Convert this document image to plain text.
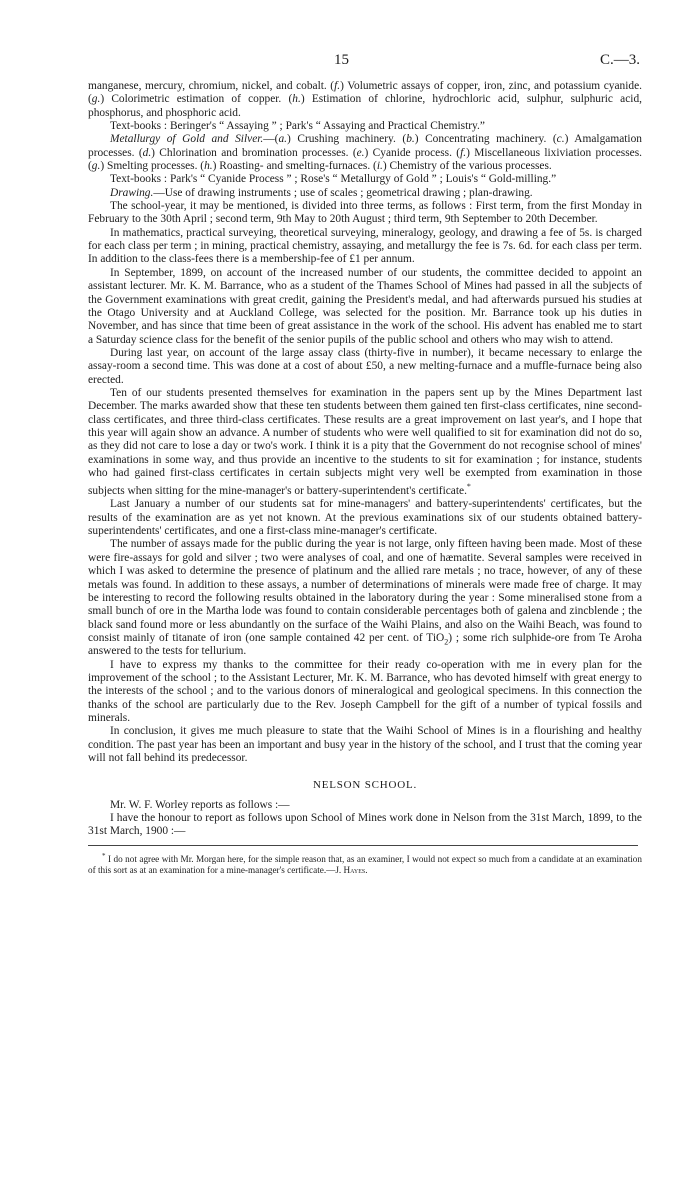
15	C.—3.

manganese, mercury, chromium, nickel, and cobalt. (f.) Volumetric assays of copper, iron, zinc, and potassium cyanide. (g.) Colorimetric estimation of copper. (h.) Estimation of chlorine, hydrochloric acid, sulphur, sulphuric acid, phosphorus, and phosphoric acid.

Text-books : Beringer's “ Assaying ” ; Park's “ Assaying and Practical Chemistry.”

Metallurgy of Gold and Silver.—(a.) Crushing machinery. (b.) Concentrating machinery. (c.) Amalgamation processes. (d.) Chlorination and bromination processes. (e.) Cyanide process. (f.) Miscellaneous lixiviation processes. (g.) Smelting processes. (h.) Roasting- and smelting-furnaces. (i.) Chemistry of the various processes.

Text-books : Park's “ Cyanide Process ” ; Rose's “ Metallurgy of Gold ” ; Louis's “ Gold-milling.”

Drawing.—Use of drawing instruments ; use of scales ; geometrical drawing ; plan-drawing.

The school-year, it may be mentioned, is divided into three terms, as follows : First term, from the first Monday in February to the 30th April ; second term, 9th May to 20th August ; third term, 9th September to 20th December.

In mathematics, practical surveying, theoretical surveying, mineralogy, geology, and drawing a fee of 5s. is charged for each class per term ; in mining, practical chemistry, assaying, and metallurgy the fee is 7s. 6d. for each class per term. In addition to the class-fees there is a membership-fee of £1 per annum.

In September, 1899, on account of the increased number of our students, the committee decided to appoint an assistant lecturer. Mr. K. M. Barrance, who as a student of the Thames School of Mines had passed in all the subjects of the Government examinations with great credit, gaining the President's medal, and had afterwards pursued his studies at the Otago University and at Auckland College, was selected for the position. Mr. Barrance took up his duties in November, and has since that time been of great assistance in the work of the school. His advent has enabled me to start a Saturday science class for the benefit of the senior pupils of the public school and others who may wish to attend.

During last year, on account of the large assay class (thirty-five in number), it became necessary to enlarge the assay-room a second time. This was done at a cost of about £50, a new melting-furnace and a muffle-furnace being also erected.

Ten of our students presented themselves for examination in the papers sent up by the Mines Department last December. The marks awarded show that these ten students between them gained ten first-class certificates, nine second-class certificates, and three third-class certificates. These results are a great improvement on last year's, and I hope that this year will again show an advance. A number of students who were well qualified to sit for examination did not do so, as they did not care to lose a day or two's work. I think it is a pity that the Government do not recognise school of mines' examinations in some way, and thus provide an incentive to the students to sit for examination ; for instance, students who had gained first-class certificates in certain subjects might very well be exempted from examination in those subjects when sitting for the mine-manager's or battery-superintendent's certificate.*

Last January a number of our students sat for mine-managers' and battery-superintendents' certificates, but the results of the examination are as yet not known. At the previous examinations six of our students obtained battery-superintendents' certificates, and one a first-class mine-manager's certificate.

The number of assays made for the public during the year is not large, only fifteen having been made. Most of these were fire-assays for gold and silver ; two were analyses of coal, and one of hæmatite. Several samples were received in which I was asked to determine the presence of platinum and the allied rare metals ; no trace, however, of any of these metals was found. In addition to these assays, a number of determinations of minerals were made free of charge. It may be interesting to record the following results obtained in the laboratory during the year : Some mineralised stone from a small bunch of ore in the Martha lode was found to contain considerable percentages both of galena and zincblende ; the black sand found more or less abundantly on the surface of the Waihi Plains, and also on the Waihi Beach, was found to consist mainly of titanate of iron (one sample contained 42 per cent. of TiO$_2$) ; some rich sulphide-ore from Te Aroha answered to the tests for tellurium.

I have to express my thanks to the committee for their ready co-operation with me in every plan for the improvement of the school ; to the Assistant Lecturer, Mr. K. M. Barrance, who has devoted himself with great energy to the interests of the school ; and to the various donors of mineralogical and geological specimens. In this connection the thanks of the school are particularly due to the Rev. Joseph Campbell for the gift of a number of typical fossils and minerals.

In conclusion, it gives me much pleasure to state that the Waihi School of Mines is in a flourishing and healthy condition. The past year has been an important and busy year in the history of the school, and I trust that the coming year will not fall behind its predecessor.

NELSON SCHOOL.

Mr. W. F. Worley reports as follows :—

I have the honour to report as follows upon School of Mines work done in Nelson from the 31st March, 1899, to the 31st March, 1900 :—

* I do not agree with Mr. Morgan here, for the simple reason that, as an examiner, I would not expect so much from a candidate at an examination of this sort as at an examination for a mine-manager's certificate.—J. Hayes.
